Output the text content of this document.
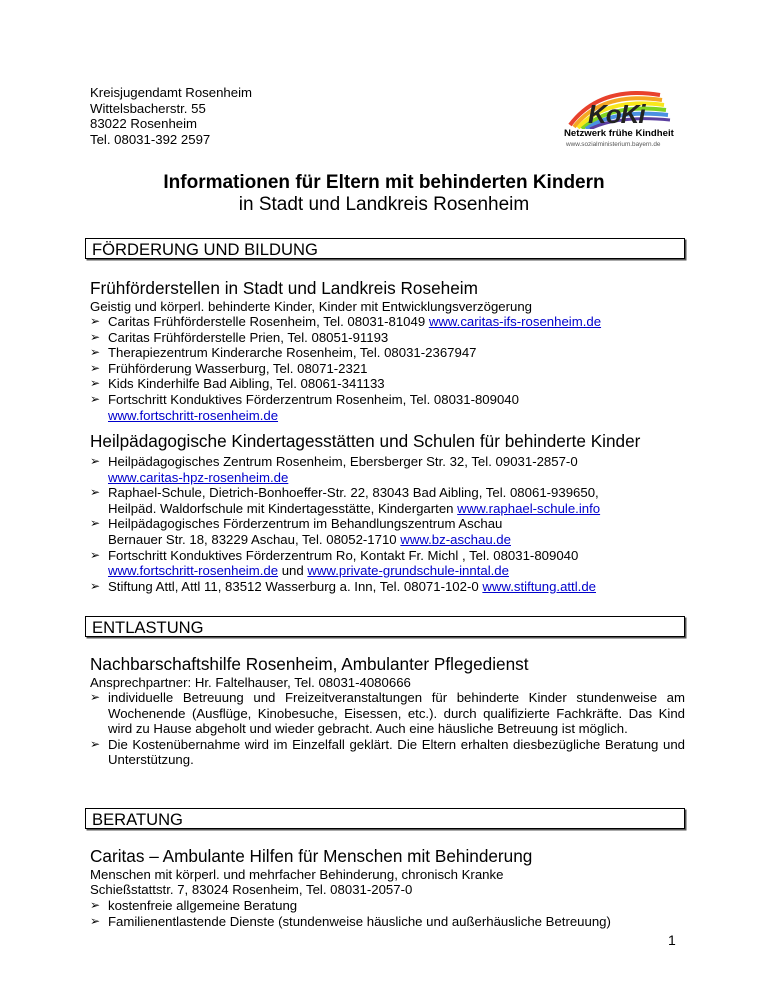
Kreisjugendamt Rosenheim
Wittelsbacherstr. 55
83022 Rosenheim
Tel. 08031-392 2597
KoKi
Netzwerk frühe Kindheit
www.sozialministerium.bayern.de
Informationen für Eltern mit behinderten Kindern
in Stadt und Landkreis Rosenheim
FÖRDERUNG UND BILDUNG
Frühförderstellen in Stadt und Landkreis Roseheim
Geistig und körperl. behinderte Kinder, Kinder mit Entwicklungsverzögerung
➢ Caritas Frühförderstelle Rosenheim, Tel. 08031-81049 www.caritas-ifs-rosenheim.de
➢ Caritas Frühförderstelle Prien, Tel. 08051-91193
➢ Therapiezentrum Kinderarche Rosenheim, Tel. 08031-2367947
➢ Frühförderung Wasserburg, Tel. 08071-2321
➢ Kids Kinderhilfe Bad Aibling, Tel. 08061-341133
➢ Fortschritt Konduktives Förderzentrum Rosenheim, Tel. 08031-809040
www.fortschritt-rosenheim.de
Heilpädagogische Kindertagesstätten und Schulen für behinderte Kinder
➢ Heilpädagogisches Zentrum Rosenheim, Ebersberger Str. 32, Tel. 09031-2857-0
www.caritas-hpz-rosenheim.de
➢ Raphael-Schule, Dietrich-Bonhoeffer-Str. 22, 83043 Bad Aibling, Tel. 08061-939650,
Heilpäd. Waldorfschule mit Kindertagesstätte, Kindergarten www.raphael-schule.info
➢ Heilpädagogisches Förderzentrum im Behandlungszentrum Aschau
Bernauer Str. 18, 83229 Aschau, Tel. 08052-1710 www.bz-aschau.de
➢ Fortschritt Konduktives Förderzentrum Ro, Kontakt Fr. Michl , Tel. 08031-809040
www.fortschritt-rosenheim.de und www.private-grundschule-inntal.de
➢ Stiftung Attl, Attl 11, 83512 Wasserburg a. Inn, Tel. 08071-102-0 www.stiftung.attl.de
ENTLASTUNG
Nachbarschaftshilfe Rosenheim, Ambulanter Pflegedienst
Ansprechpartner: Hr. Faltelhauser, Tel. 08031-4080666
➢ individuelle Betreuung und Freizeitveranstaltungen für behinderte Kinder stundenweise am Wochenende (Ausflüge, Kinobesuche, Eisessen, etc.). durch qualifizierte Fachkräfte. Das Kind wird zu Hause abgeholt und wieder gebracht. Auch eine häusliche Betreuung ist möglich.
➢ Die Kostenübernahme wird im Einzelfall geklärt. Die Eltern erhalten diesbezügliche Beratung und Unterstützung.
BERATUNG
Caritas – Ambulante Hilfen für Menschen mit Behinderung
Menschen mit körperl. und mehrfacher Behinderung, chronisch Kranke
Schießstattstr. 7, 83024 Rosenheim, Tel. 08031-2057-0
➢ kostenfreie allgemeine Beratung
➢ Familienentlastende Dienste (stundenweise häusliche und außerhäusliche Betreuung)
1
